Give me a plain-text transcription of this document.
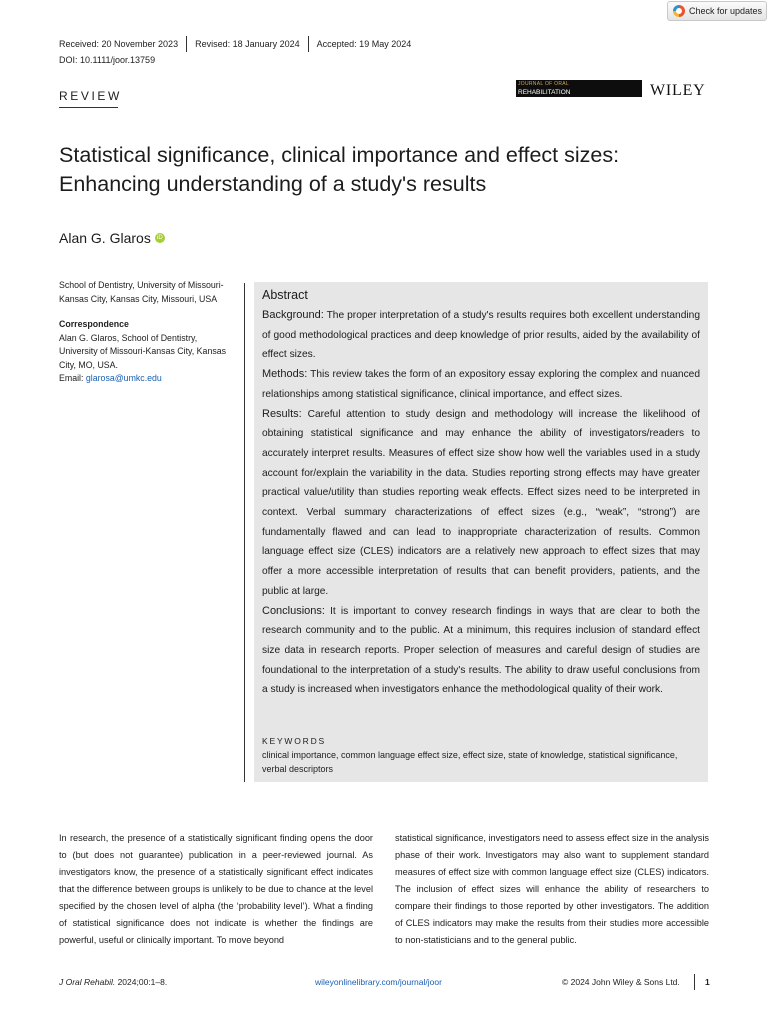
Check for updates
Received: 20 November 2023	Revised: 18 January 2024	Accepted: 19 May 2024
DOI: 10.1111/joor.13759
REVIEW
JOURNAL OF ORAL
REHABILITATION	WILEY
Statistical significance, clinical importance and effect sizes: Enhancing understanding of a study's results
Alan G. Glaros	iD
School of Dentistry, University of Missouri-Kansas City, Kansas City, Missouri, USA
Correspondence
Alan G. Glaros, School of Dentistry, University of Missouri-Kansas City, Kansas City, MO, USA.
Email: glarosa@umkc.edu
Abstract

Background: The proper interpretation of a study's results requires both excellent understanding of good methodological practices and deep knowledge of prior results, aided by the availability of effect sizes.

Methods: This review takes the form of an expository essay exploring the complex and nuanced relationships among statistical significance, clinical importance, and effect sizes.

Results: Careful attention to study design and methodology will increase the likelihood of obtaining statistical significance and may enhance the ability of investigators/readers to accurately interpret results. Measures of effect size show how well the variables used in a study account for/explain the variability in the data. Studies reporting strong effects may have greater practical value/utility than studies reporting weak effects. Effect sizes need to be interpreted in context. Verbal summary characterizations of effect sizes (e.g., “weak”, “strong”) are fundamentally flawed and can lead to inappropriate characterization of results. Common language effect size (CLES) indicators are a relatively new approach to effect sizes that may offer a more accessible interpretation of results that can benefit providers, patients, and the public at large.

Conclusions: It is important to convey research findings in ways that are clear to both the research community and to the public. At a minimum, this requires inclusion of standard effect size data in research reports. Proper selection of measures and careful design of studies are foundational to the interpretation of a study's results. The ability to draw useful conclusions from a study is increased when investigators enhance the methodological quality of their work.

KEYWORDS
clinical importance, common language effect size, effect size, state of knowledge, statistical significance, verbal descriptors
In research, the presence of a statistically significant finding opens the door to (but does not guarantee) publication in a peer-reviewed journal. As investigators know, the presence of a statistically significant effect indicates that the difference between groups is unlikely to be due to chance at the level specified by the chosen level of alpha (the ‘probability level’). What a finding of statistical significance does not indicate is whether the findings are powerful, useful or clinically important. To move beyond
statistical significance, investigators need to assess effect size in the analysis phase of their work. Investigators may also want to supplement standard measures of effect size with common language effect size (CLES) indicators. The inclusion of effect sizes will enhance the ability of researchers to compare their findings to those reported by other investigators. The addition of CLES indicators may make the results from their studies more accessible to non-statisticians and to the general public.
J Oral Rehabil. 2024;00:1–8.	wileyonlinelibrary.com/journal/joor	© 2024 John Wiley & Sons Ltd.	1
